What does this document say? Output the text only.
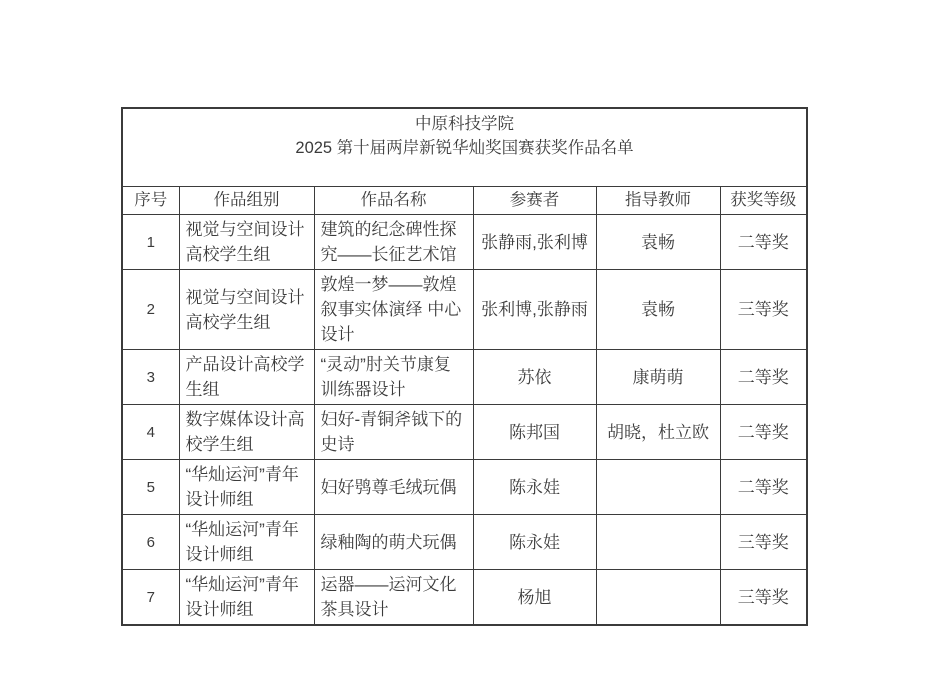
中原科技学院
2025 第十届两岸新锐华灿奖国赛获奖作品名单					

序号	作品组别	作品名称	参赛者	指导教师	获奖等级
1	视觉与空间设计高校学生组	建筑的纪念碑性探究——长征艺术馆	张静雨,张利博	袁畅	二等奖
2	视觉与空间设计高校学生组	敦煌一梦——敦煌叙事实体演绎 中心设计	张利博,张静雨	袁畅	三等奖
3	产品设计高校学生组	“灵动”肘关节康复训练器设计	苏依	康萌萌	二等奖
4	数字媒体设计高校学生组	妇好-青铜斧钺下的史诗	陈邦国	胡晓，杜立欧	二等奖
5	“华灿运河”青年设计师组	妇好鸮尊毛绒玩偶	陈永娃		二等奖
6	“华灿运河”青年设计师组	绿釉陶的萌犬玩偶	陈永娃		三等奖
7	“华灿运河”青年设计师组	运器——运河文化茶具设计	杨旭		三等奖
